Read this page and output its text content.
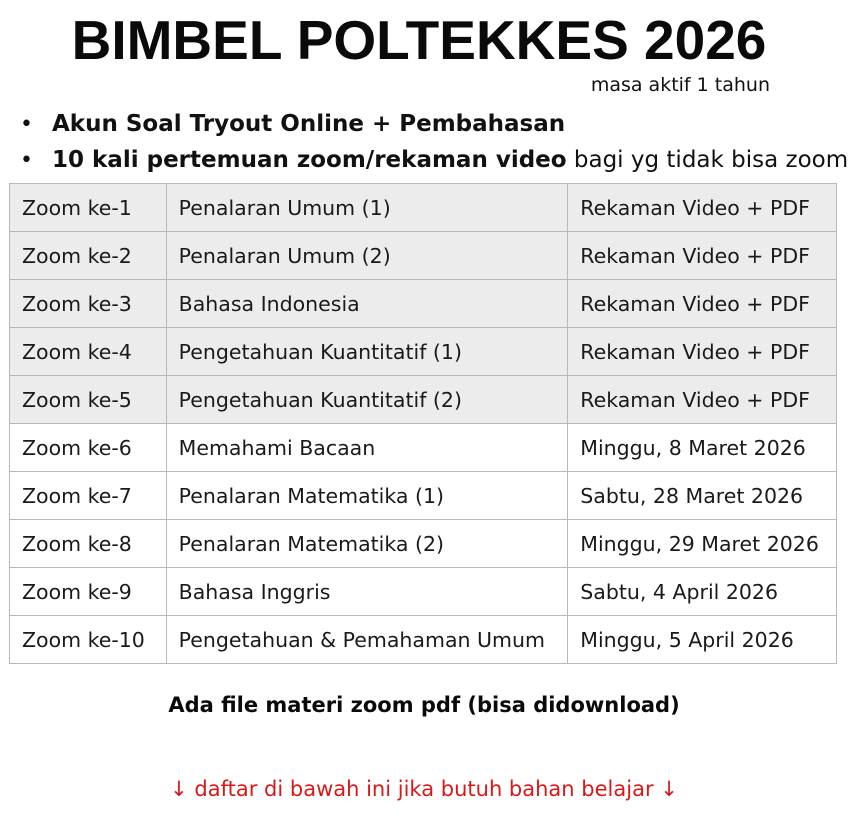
BIMBEL POLTEKKES 2026
masa aktif 1 tahun
• Akun Soal Tryout Online + Pembahasan
• 10 kali pertemuan zoom/rekaman video bagi yg tidak bisa zoom
Zoom ke-1	Penalaran Umum (1)	Rekaman Video + PDF
Zoom ke-2	Penalaran Umum (2)	Rekaman Video + PDF
Zoom ke-3	Bahasa Indonesia	Rekaman Video + PDF
Zoom ke-4	Pengetahuan Kuantitatif (1)	Rekaman Video + PDF
Zoom ke-5	Pengetahuan Kuantitatif (2)	Rekaman Video + PDF
Zoom ke-6	Memahami Bacaan	Minggu, 8 Maret 2026
Zoom ke-7	Penalaran Matematika (1)	Sabtu, 28 Maret 2026
Zoom ke-8	Penalaran Matematika (2)	Minggu, 29 Maret 2026
Zoom ke-9	Bahasa Inggris	Sabtu, 4 April 2026
Zoom ke-10	Pengetahuan & Pemahaman Umum	Minggu, 5 April 2026
Ada file materi zoom pdf (bisa didownload)
↓ daftar di bawah ini jika butuh bahan belajar ↓
